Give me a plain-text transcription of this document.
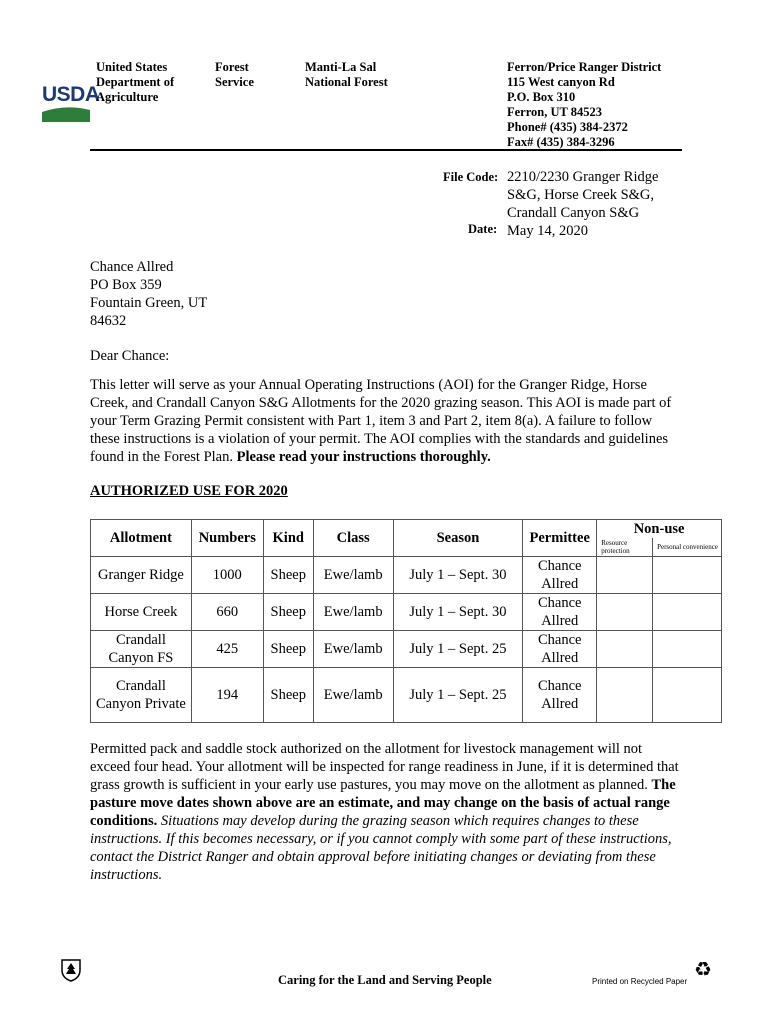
USDA
United States
Department of
Agriculture
Forest
Service
Manti-La Sal
National Forest
Ferron/Price Ranger District
115 West canyon Rd
P.O. Box 310
Ferron, UT 84523
Phone# (435) 384-2372
Fax# (435) 384-3296
File Code: 2210/2230 Granger Ridge S&G, Horse Creek S&G, Crandall Canyon S&G
Date: May 14, 2020
Chance Allred
PO Box 359
Fountain Green, UT
84632
Dear Chance:
This letter will serve as your Annual Operating Instructions (AOI) for the Granger Ridge, Horse Creek, and Crandall Canyon S&G Allotments for the 2020 grazing season. This AOI is made part of your Term Grazing Permit consistent with Part 1, item 3 and Part 2, item 8(a). A failure to follow these instructions is a violation of your permit. The AOI complies with the standards and guidelines found in the Forest Plan. Please read your instructions thoroughly.
AUTHORIZED USE FOR 2020
Allotment	Numbers	Kind	Class	Season	Permittee	Non-use	
						Resource protection	Personal convenience
Granger Ridge	1000	Sheep	Ewe/lamb	July 1 – Sept. 30	Chance Allred		
Horse Creek	660	Sheep	Ewe/lamb	July 1 – Sept. 30	Chance Allred		
Crandall Canyon FS	425	Sheep	Ewe/lamb	July 1 – Sept. 25	Chance Allred		
Crandall Canyon Private	194	Sheep	Ewe/lamb	July 1 – Sept. 25	Chance Allred		
Permitted pack and saddle stock authorized on the allotment for livestock management will not exceed four head. Your allotment will be inspected for range readiness in June, if it is determined that grass growth is sufficient in your early use pastures, you may move on the allotment as planned. The pasture move dates shown above are an estimate, and may change on the basis of actual range conditions. Situations may develop during the grazing season which requires changes to these instructions. If this becomes necessary, or if you cannot comply with some part of these instructions, contact the District Ranger and obtain approval before initiating changes or deviating from these instructions.
Caring for the Land and Serving People	Printed on Recycled Paper
♻
